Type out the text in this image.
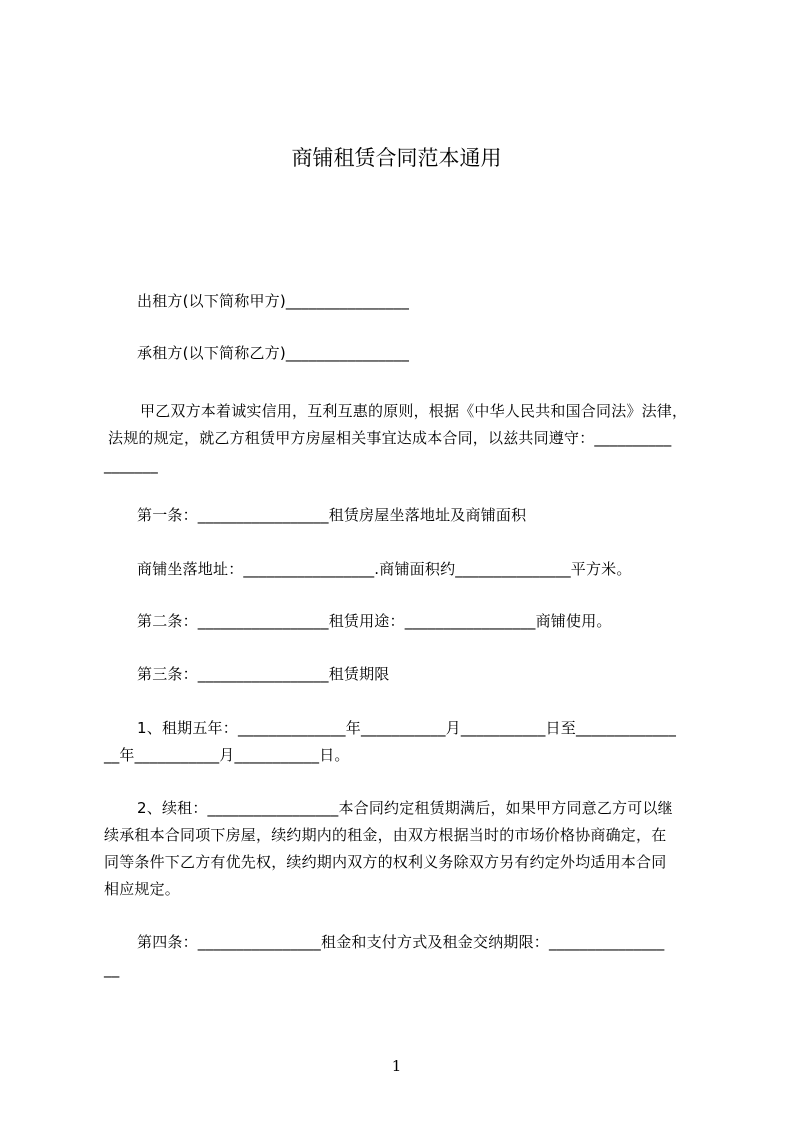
商铺租赁合同范本通用
出租方(以下简称甲方)________________
承租方(以下简称乙方)________________
甲乙双方本着诚实信用，互利互惠的原则，根据《中华人民共和国合同法》法律，
法规的规定，就乙方租赁甲方房屋相关事宜达成本合同，以兹共同遵守：__________
_______
第一条：_________________租赁房屋坐落地址及商铺面积
商铺坐落地址：_________________.商铺面积约_______________平方米。
第二条：_________________租赁用途：_________________商铺使用。
第三条：_________________租赁期限
1、租期五年：______________年___________月___________日至_____________
__年___________月___________日。
2、续租：_________________本合同约定租赁期满后，如果甲方同意乙方可以继
续承租本合同项下房屋，续约期内的租金，由双方根据当时的市场价格协商确定，在
同等条件下乙方有优先权，续约期内双方的权利义务除双方另有约定外均适用本合同
相应规定。
第四条：________________租金和支付方式及租金交纳期限：_______________
__
1
